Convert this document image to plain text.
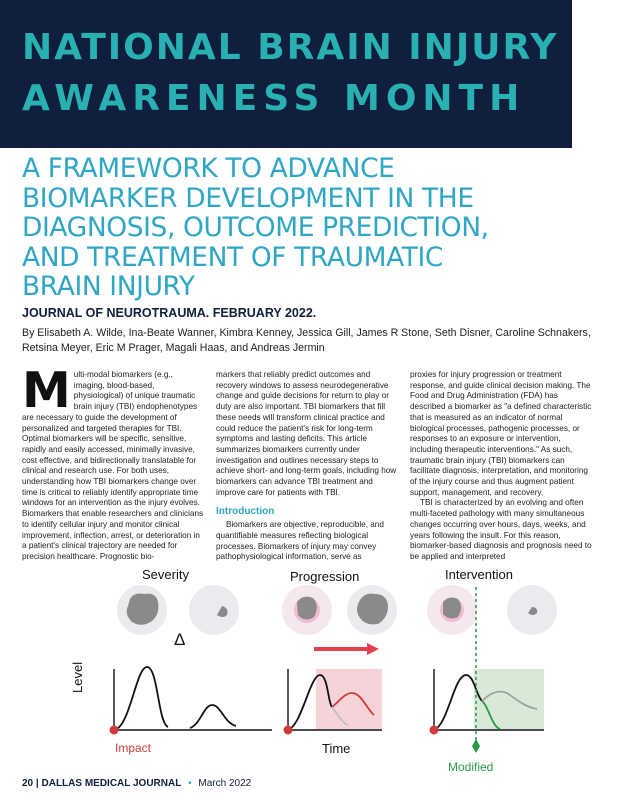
NATIONAL BRAIN INJURY
AWARENESS MONTH
A FRAMEWORK TO ADVANCE
BIOMARKER DEVELOPMENT IN THE
DIAGNOSIS, OUTCOME PREDICTION,
AND TREATMENT OF TRAUMATIC
BRAIN INJURY
JOURNAL OF NEUROTRAUMA. FEBRUARY 2022.
By Elisabeth A. Wilde, Ina-Beate Wanner, Kimbra Kenney, Jessica Gill, James R Stone, Seth Disner, Caroline Schnakers, Retsina Meyer, Eric M Prager, Magali Haas, and Andreas Jermin
M ulti-modal biomarkers (e.g., imaging, blood-based, physiological) of unique traumatic brain injury (TBI) endophenotypes are necessary to guide the development of personalized and targeted therapies for TBI. Optimal biomarkers will be specific, sensitive, rapidly and easily accessed, minimally invasive, cost effective, and bidirectionally translatable for clinical and research use. For both uses, understanding how TBI biomarkers change over time is critical to reliably identify appropriate time windows for an intervention as the injury evolves. Biomarkers that enable researchers and clinicians to identify cellular injury and monitor clinical improvement, inflection, arrest, or deterioration in a patient's clinical trajectory are needed for precision healthcare. Prognostic bio-

markers that reliably predict outcomes and recovery windows to assess neurodegenerative change and guide decisions for return to play or duty are also important. TBI biomarkers that fill these needs will transform clinical practice and could reduce the patient's risk for long-term symptoms and lasting deficits. This article summarizes biomarkers currently under investigation and outlines necessary steps to achieve short- and long-term goals, including how biomarkers can advance TBI treatment and improve care for patients with TBI.

Introduction

Biomarkers are objective, reproducible, and quantifiable measures reflecting biological processes. Biomarkers of injury may convey pathophysiological information, serve as

proxies for injury progression or treatment response, and guide clinical decision making. The Food and Drug Administration (FDA) has described a biomarker as "a defined characteristic that is measured as an indicator of normal biological processes, pathogenic processes, or responses to an exposure or intervention, including therapeutic interventions." As such, traumatic brain injury (TBI) biomarkers can facilitate diagnosis, interpretation, and monitoring of the injury course and thus augment patient support, management, and recovery.

TBI is characterized by an evolving and often multi-faceted pathology with many simultaneous changes occurring over hours, days, weeks, and years following the insult. For this reason, biomarker-based diagnosis and prognosis need to be applied and interpreted

Severity	Progression	Intervention
Δ
Level
Time
Impact
Modified
20 | DALLAS MEDICAL JOURNAL • March 2022
